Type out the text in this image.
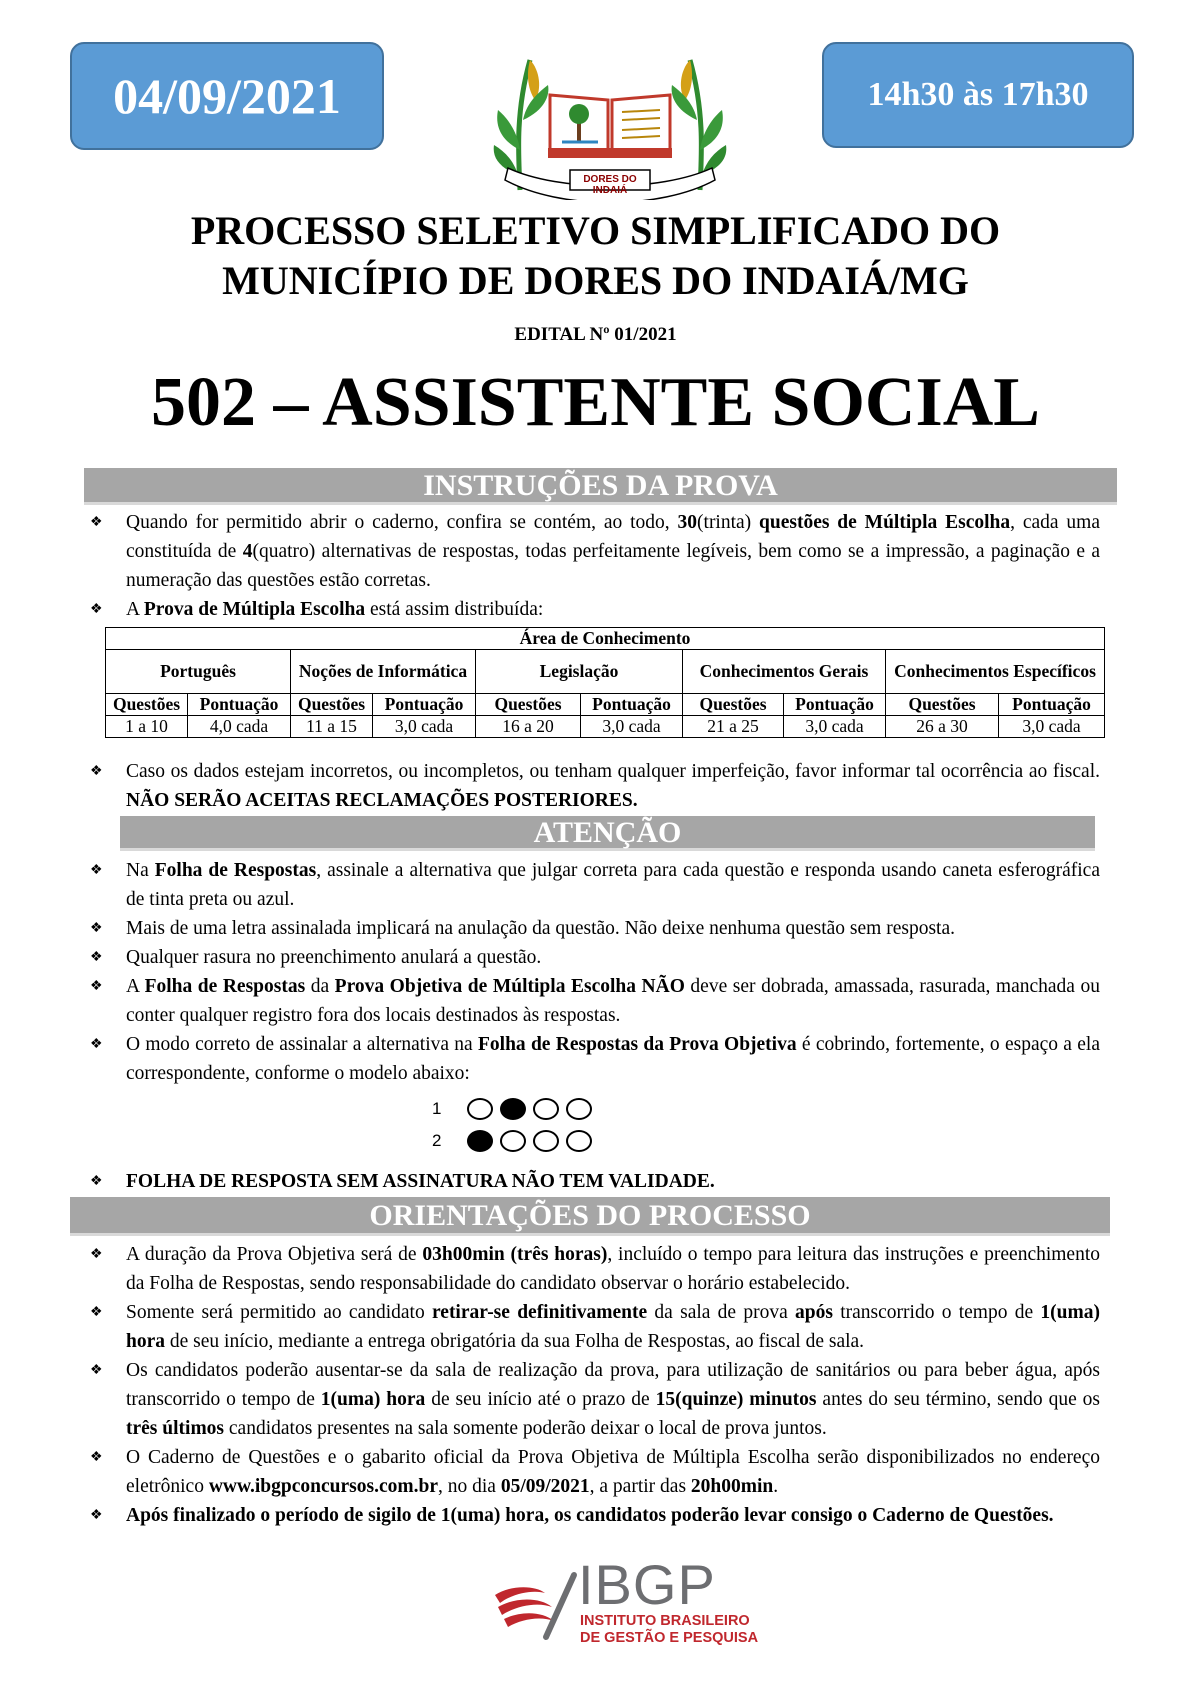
04/09/2021	14h30 às 17h30
DORES DO INDAIÁ
PROCESSO SELETIVO SIMPLIFICADO DO
MUNICÍPIO DE DORES DO INDAIÁ/MG
EDITAL Nº 01/2021
502 – ASSISTENTE SOCIAL
INSTRUÇÕES DA PROVA
❖ Quando for permitido abrir o caderno, confira se contém, ao todo, 30(trinta) questões de Múltipla Escolha, cada uma constituída de 4(quatro) alternativas de respostas, todas perfeitamente legíveis, bem como se a impressão, a paginação e a numeração das questões estão corretas.
❖ A Prova de Múltipla Escolha está assim distribuída:
Área de Conhecimento									
Português		Noções de Informática		Legislação		Conhecimentos Gerais		Conhecimentos Específicos	
Questões	Pontuação	Questões	Pontuação	Questões	Pontuação	Questões	Pontuação	Questões	Pontuação
1 a 10	4,0 cada	11 a 15	3,0 cada	16 a 20	3,0 cada	21 a 25	3,0 cada	26 a 30	3,0 cada
❖ Caso os dados estejam incorretos, ou incompletos, ou tenham qualquer imperfeição, favor informar tal ocorrência ao fiscal. NÃO SERÃO ACEITAS RECLAMAÇÕES POSTERIORES.
ATENÇÃO
❖ Na Folha de Respostas, assinale a alternativa que julgar correta para cada questão e responda usando caneta esferográfica de tinta preta ou azul.
❖ Mais de uma letra assinalada implicará na anulação da questão. Não deixe nenhuma questão sem resposta.
❖ Qualquer rasura no preenchimento anulará a questão.
❖ A Folha de Respostas da Prova Objetiva de Múltipla Escolha NÃO deve ser dobrada, amassada, rasurada, manchada ou conter qualquer registro fora dos locais destinados às respostas.
❖ O modo correto de assinalar a alternativa na Folha de Respostas da Prova Objetiva é cobrindo, fortemente, o espaço a ela correspondente, conforme o modelo abaixo:
1
2
❖ FOLHA DE RESPOSTA SEM ASSINATURA NÃO TEM VALIDADE.
ORIENTAÇÕES DO PROCESSO
❖ A duração da Prova Objetiva será de 03h00min (três horas), incluído o tempo para leitura das instruções e preenchimento da Folha de Respostas, sendo responsabilidade do candidato observar o horário estabelecido.
❖ Somente será permitido ao candidato retirar-se definitivamente da sala de prova após transcorrido o tempo de 1(uma) hora de seu início, mediante a entrega obrigatória da sua Folha de Respostas, ao fiscal de sala.
❖ Os candidatos poderão ausentar-se da sala de realização da prova, para utilização de sanitários ou para beber água, após transcorrido o tempo de 1(uma) hora de seu início até o prazo de 15(quinze) minutos antes do seu término, sendo que os três últimos candidatos presentes na sala somente poderão deixar o local de prova juntos.
❖ O Caderno de Questões e o gabarito oficial da Prova Objetiva de Múltipla Escolha serão disponibilizados no endereço eletrônico www.ibgpconcursos.com.br, no dia 05/09/2021, a partir das 20h00min.
❖ Após finalizado o período de sigilo de 1(uma) hora, os candidatos poderão levar consigo o Caderno de Questões.
IBGP
INSTITUTO BRASILEIRO
DE GESTÃO E PESQUISA
